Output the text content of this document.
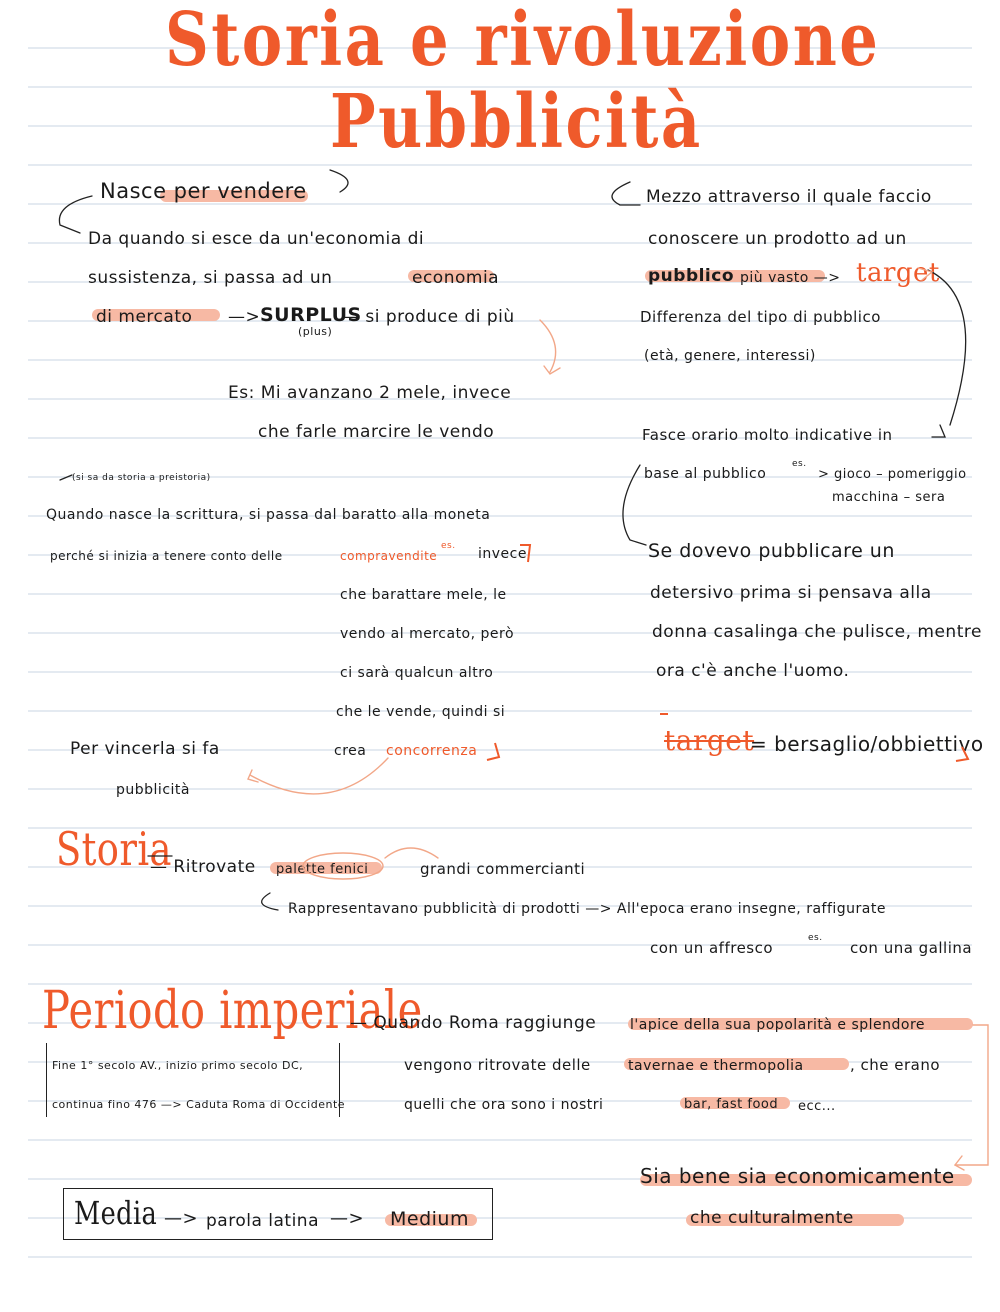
Storia e rivoluzione
Pubblicità
Nasce per vendere
Da quando si esce da un'economia di
sussistenza, si passa ad un	economia
di mercato —> SURPLUS
— si produce di più
(plus)
Es: Mi avanzano 2 mele, invece
che farle marcire le vendo
(si sa da storia a preistoria)
Quando nasce la scrittura, si passa dal baratto alla moneta
perché si inizia a tenere conto delle	compravendite
es. invece
che barattare mele, le
vendo al mercato, però
ci sarà qualcun altro
che le vende, quindi si
crea concorrenza
Per vincerla si fa
pubblicità
Mezzo attraverso il quale faccio
conoscere un prodotto ad un
pubblico più vasto —> target
Differenza del tipo di pubblico
(età, genere, interessi)
Fasce orario molto indicative in
base al pubblico
es.
> gioco – pomeriggio
macchina – sera
Se dovevo pubblicare un
detersivo prima si pensava alla
donna casalinga che pulisce, mentre
ora c'è anche l'uomo.
target
= bersaglio/obbiettivo
Storia
— Ritrovate palette fenici	grandi commercianti
Rappresentavano pubblicità di prodotti —> All'epoca erano insegne, raffigurate
con un affresco
es.
con una gallina
Periodo imperiale
Fine 1° secolo AV., inizio primo secolo DC,
continua fino 476 —> Caduta Roma di Occidente
— Quando Roma raggiunge l'apice della sua popolarità e splendore
vengono ritrovate delle	tavernae e thermopolia	, che erano
quelli che ora sono i nostri	bar, fast food ecc...
Sia bene sia economicamente
che culturalmente
Media —> parola latina —> Medium
